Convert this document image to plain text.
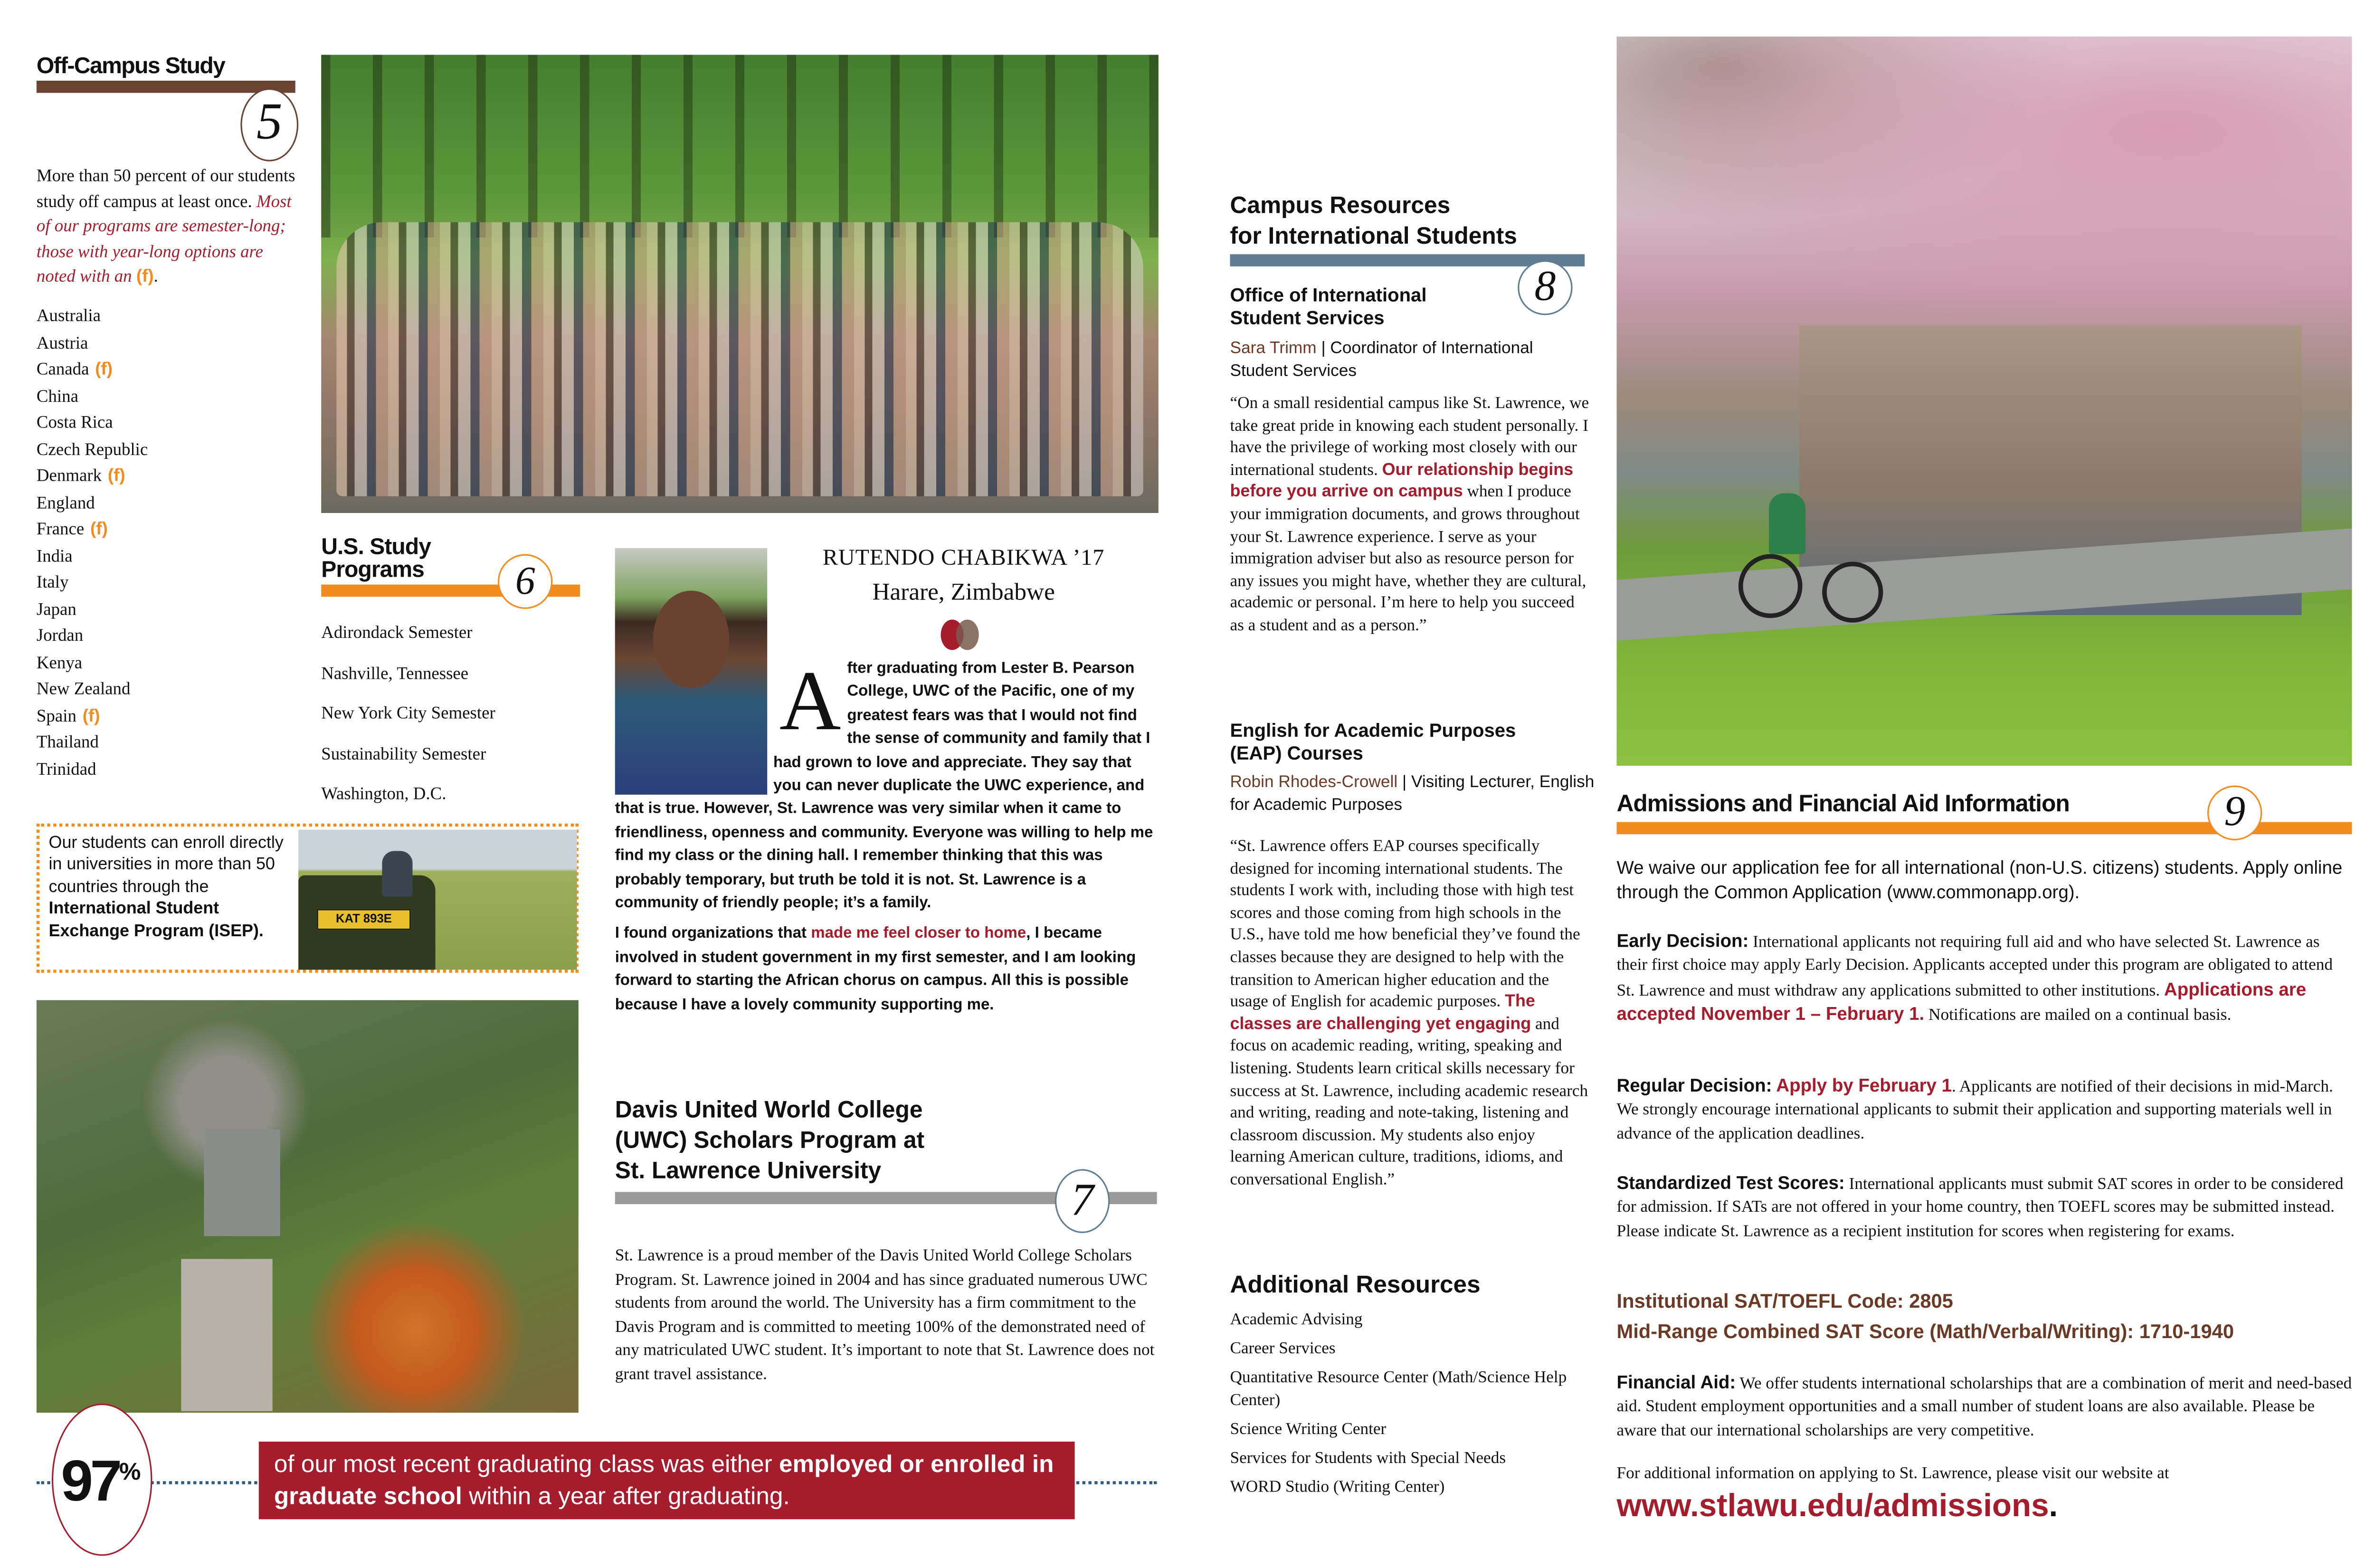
Off-Campus Study
5
More than 50 percent of our students study off campus at least once. Most of our programs are semester-long; those with year-long options are noted with an (f).
Australia
Austria
Canada (f)
China
Costa Rica
Czech Republic
Denmark (f)
England
France (f)
India
Italy
Japan
Jordan
Kenya
New Zealand
Spain (f)
Thailand
Trinidad
U.S. Study
Programs	6
Adirondack Semester
Nashville, Tennessee
New York City Semester
Sustainability Semester
Washington, D.C.
Our students can enroll directly in universities in more than 50 countries through the International Student Exchange Program (ISEP).
KAT 893E
RUTENDO CHABIKWA ’17
Harare, Zimbabwe

A fter graduating from Lester B. Pearson College, UWC of the Pacific, one of my greatest fears was that I would not find the sense of community and family that I had grown to love and appreciate. They say that you can never duplicate the UWC experience, and that is true. However, St. Lawrence was very similar when it came to friendliness, openness and community. Everyone was willing to help me find my class or the dining hall. I remember thinking that this was probably temporary, but truth be told it is not. St. Lawrence is a community of friendly people; it’s a family.

I found organizations that made me feel closer to home, I became involved in student government in my first semester, and I am looking forward to starting the African chorus on campus. All this is possible because I have a lovely community supporting me.

Davis United World College
(UWC) Scholars Program at
St. Lawrence University
7
St. Lawrence is a proud member of the Davis United World College Scholars Program. St. Lawrence joined in 2004 and has since graduated numerous UWC students from around the world. The University has a firm commitment to the Davis Program and is committed to meeting 100% of the demonstrated need of any matriculated UWC student. It’s important to note that St. Lawrence does not grant travel assistance.
97%	of our most recent graduating class was either employed or enrolled in graduate school within a year after graduating.
Campus Resources
for International Students
8
Office of International
Student Services
Sara Trimm | Coordinator of International Student Services
“On a small residential campus like St. Lawrence, we take great pride in knowing each student personally. I have the privilege of working most closely with our international students. Our relationship begins before you arrive on campus when I produce your immigration documents, and grows throughout your St. Lawrence experience. I serve as your immigration adviser but also as resource person for any issues you might have, whether they are cultural, academic or personal. I’m here to help you succeed as a student and as a person.”
English for Academic Purposes
(EAP) Courses
Robin Rhodes-Crowell | Visiting Lecturer, English for Academic Purposes
“St. Lawrence offers EAP courses specifically designed for incoming international students. The students I work with, including those with high test scores and those coming from high schools in the U.S., have told me how beneficial they’ve found the classes because they are designed to help with the transition to American higher education and the usage of English for academic purposes. The classes are challenging yet engaging and focus on academic reading, writing, speaking and listening. Students learn critical skills necessary for success at St. Lawrence, including academic research and writing, reading and note-taking, listening and classroom discussion. My students also enjoy learning American culture, traditions, idioms, and conversational English.”
Additional Resources
Academic Advising
Career Services
Quantitative Resource Center (Math/Science Help Center)
Science Writing Center
Services for Students with Special Needs
WORD Studio (Writing Center)
Admissions and Financial Aid Information	9
We waive our application fee for all international (non-U.S. citizens) students. Apply online through the Common Application (www.commonapp.org).
Early Decision: International applicants not requiring full aid and who have selected St. Lawrence as their first choice may apply Early Decision. Applicants accepted under this program are obligated to attend St. Lawrence and must withdraw any applications submitted to other institutions. Applications are accepted November 1 – February 1. Notifications are mailed on a continual basis.
Regular Decision: Apply by February 1. Applicants are notified of their decisions in mid-March. We strongly encourage international applicants to submit their application and supporting materials well in advance of the application deadlines.
Standardized Test Scores: International applicants must submit SAT scores in order to be considered for admission. If SATs are not offered in your home country, then TOEFL scores may be submitted instead. Please indicate St. Lawrence as a recipient institution for scores when registering for exams.
Institutional SAT/TOEFL Code: 2805
Mid-Range Combined SAT Score (Math/Verbal/Writing): 1710-1940
Financial Aid: We offer students international scholarships that are a combination of merit and need-based aid. Student employment opportunities and a small number of student loans are also available. Please be aware that our international scholarships are very competitive.
For additional information on applying to St. Lawrence, please visit our website at
www.stlawu.edu/admissions.
